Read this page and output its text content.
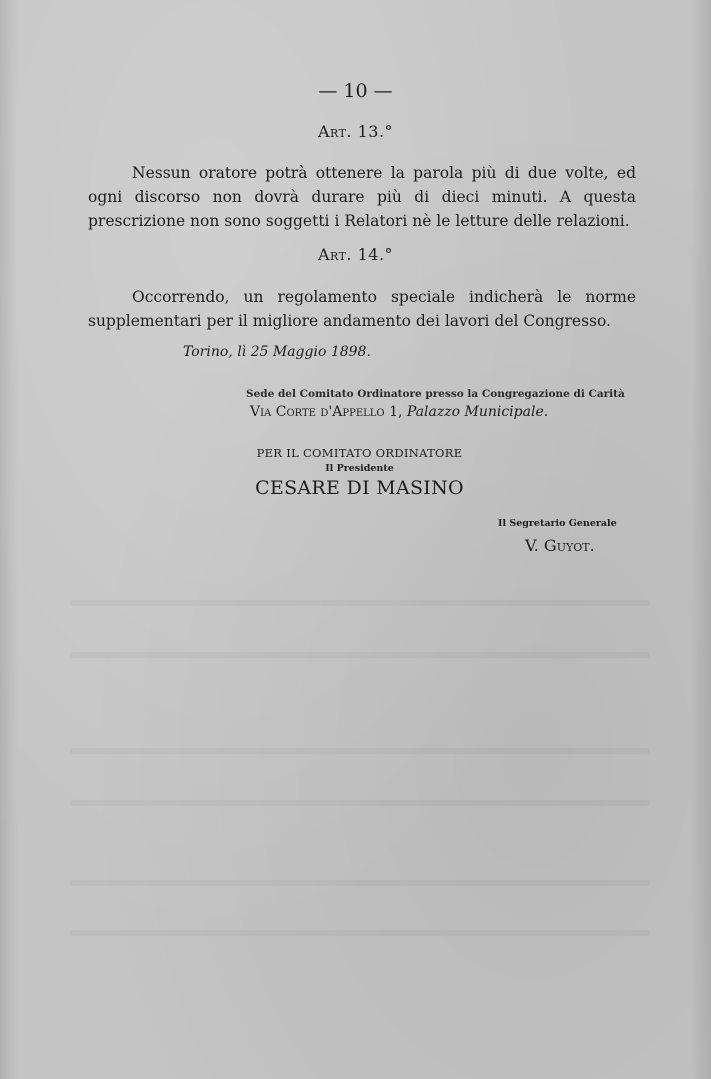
— 10 —
Art. 13.°

Nessun oratore potrà ottenere la parola più di due volte, ed ogni discorso non dovrà durare più di dieci minuti. A questa prescrizione non sono soggetti i Relatori nè le letture delle relazioni.

Art. 14.°

Occorrendo, un regolamento speciale indicherà le norme supplementari per il migliore andamento dei lavori del Congresso.

Torino, lì 25 Maggio 1898.
Sede del Comitato Ordinatore presso la Congregazione di Carità
Via Corte d'Appello 1, Palazzo Municipale.
PER IL COMITATO ORDINATORE
Il Presidente
CESARE DI MASINO
Il Segretario Generale
V. Guyot.
